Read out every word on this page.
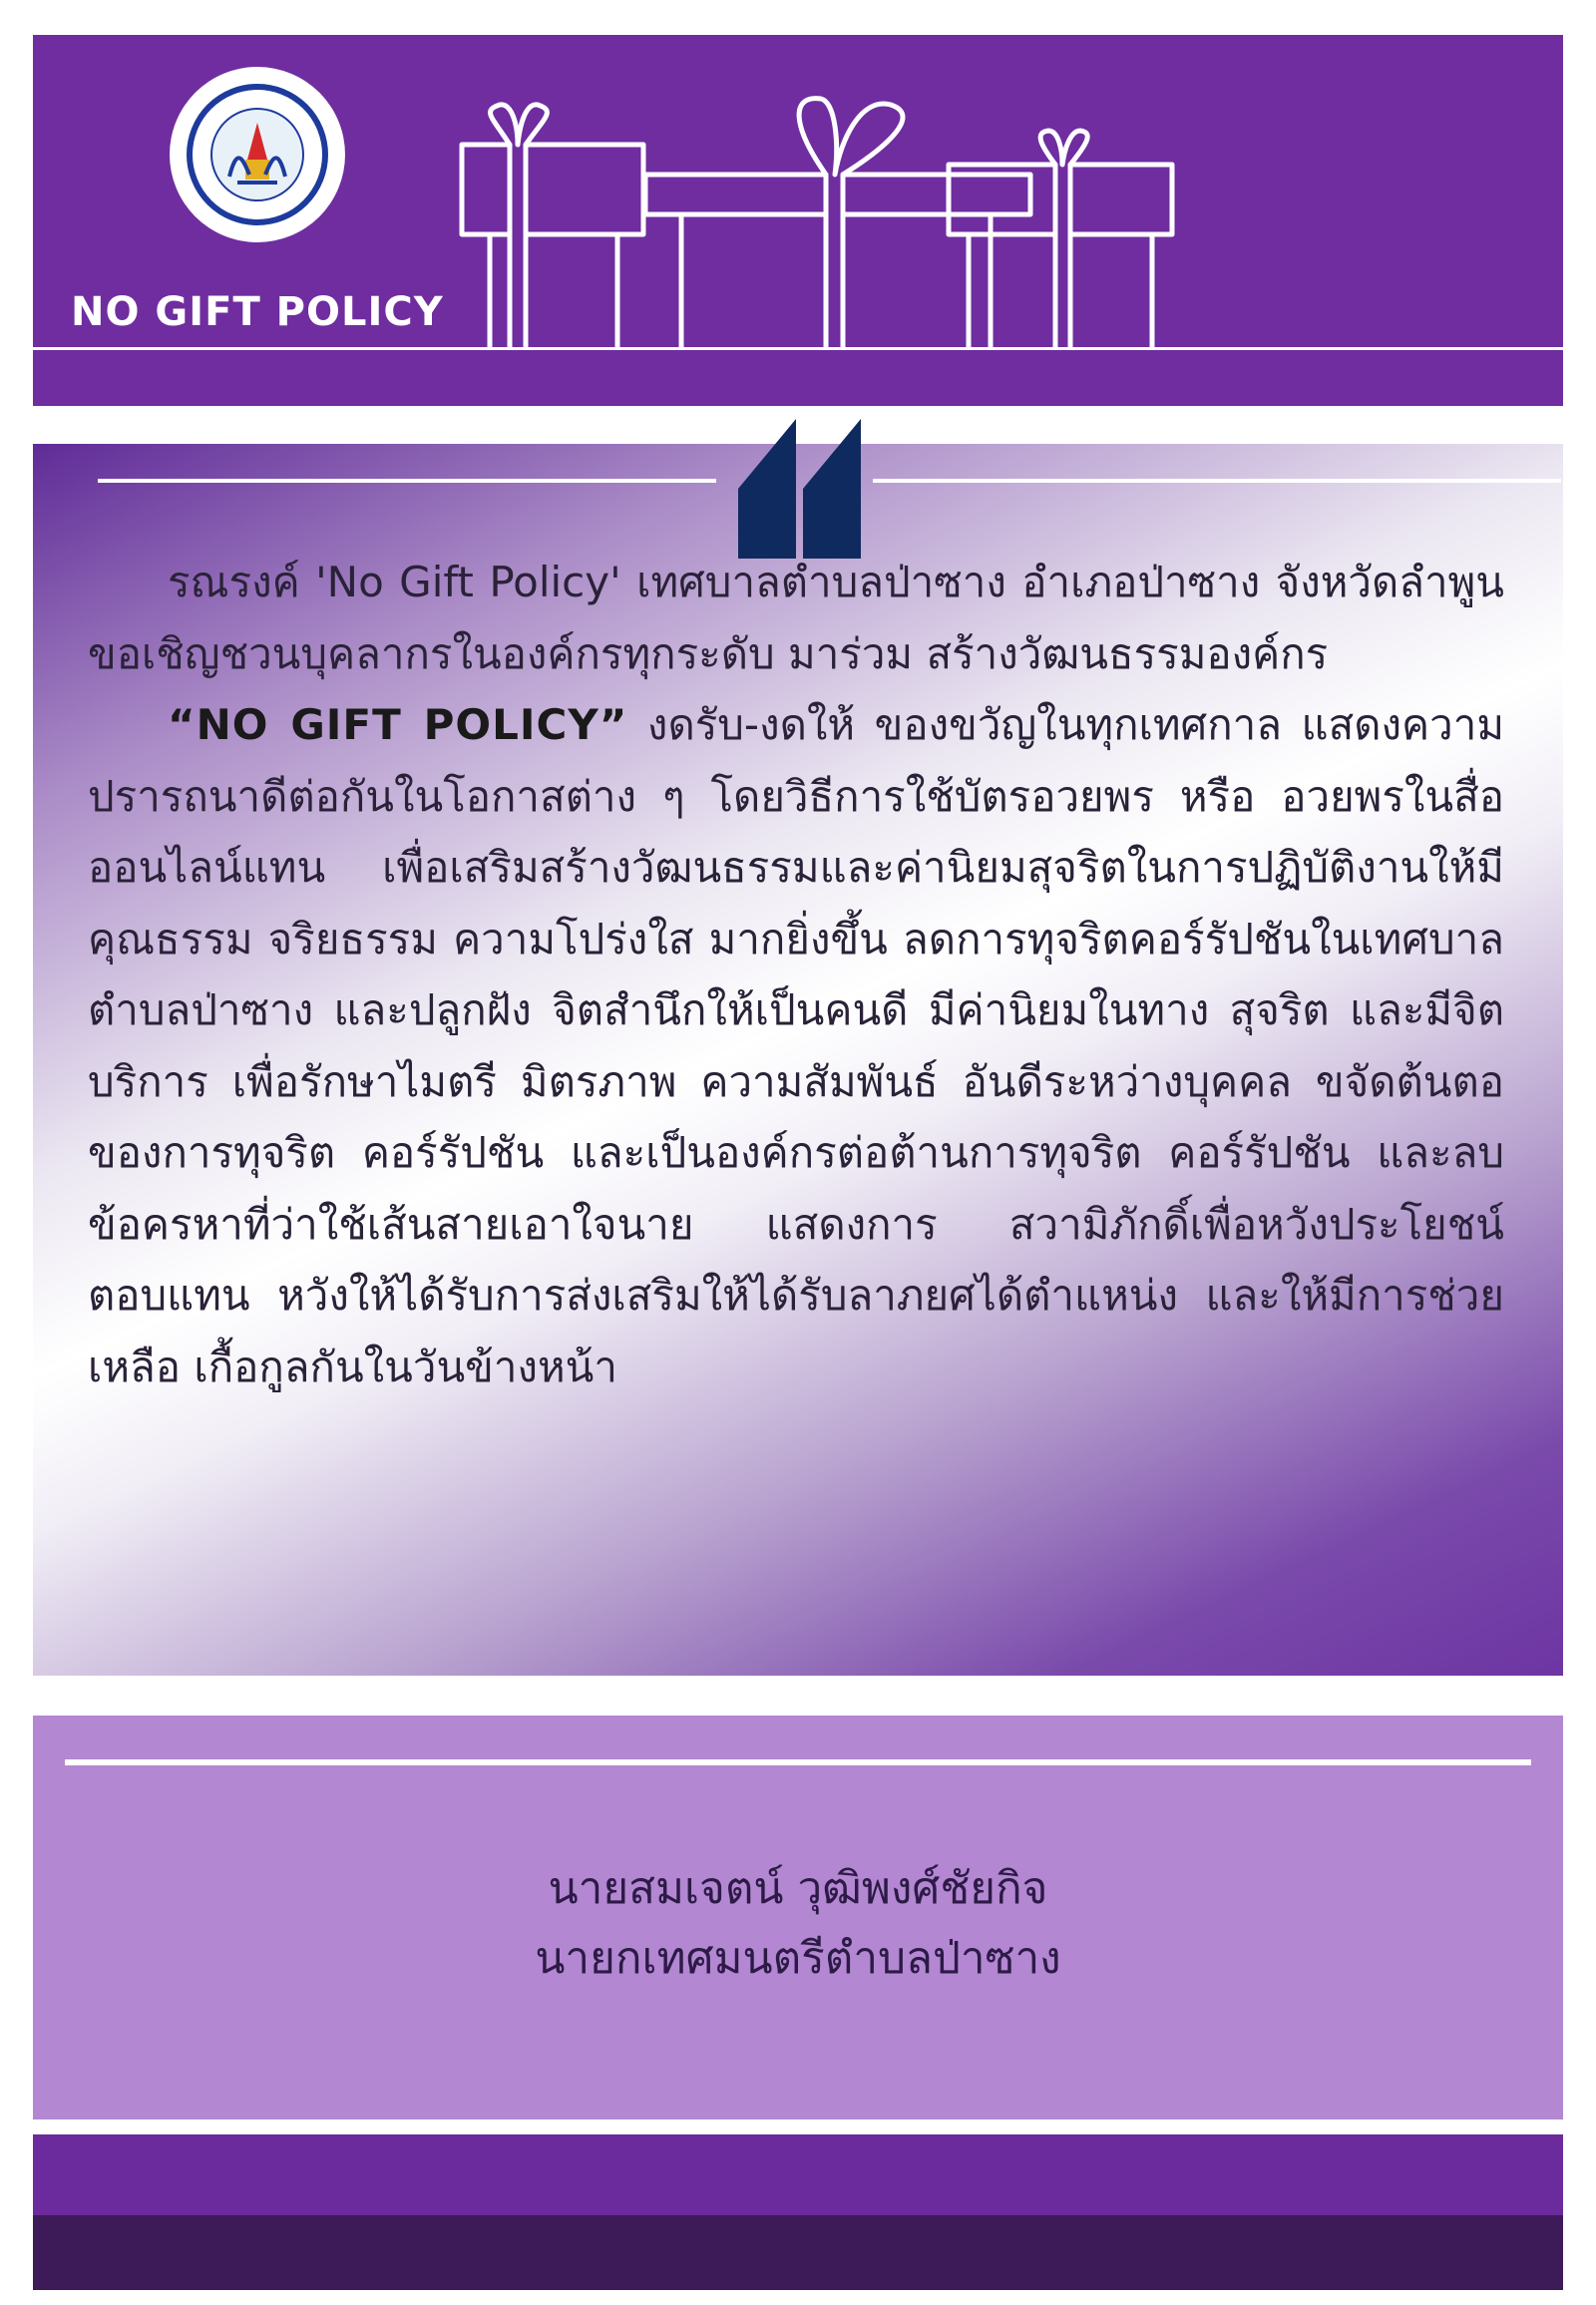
NO GIFT POLICY

รณรงค์ 'No Gift Policy' เทศบาลตำบลป่าซาง อำเภอป่าซาง จังหวัดลำพูน ขอเชิญชวนบุคลากรในองค์กรทุกระดับ มาร่วม สร้างวัฒนธรรมองค์กร

“NO GIFT POLICY” งดรับ-งดให้ ของขวัญในทุกเทศกาล แสดงความปรารถนาดีต่อกันในโอกาสต่าง ๆ โดยวิธีการใช้บัตรอวยพร หรือ อวยพรในสื่อ ออนไลน์แทน เพื่อเสริมสร้างวัฒนธรรมและค่านิยมสุจริตในการปฏิบัติงานให้มีคุณธรรม จริยธรรม ความโปร่งใส มากยิ่งขึ้น ลดการทุจริตคอร์รัปชันในเทศบาลตำบลป่าซาง และปลูกฝัง จิตสำนึกให้เป็นคนดี มีค่านิยมในทาง สุจริต และมีจิตบริการ เพื่อรักษาไมตรี มิตรภาพ ความสัมพันธ์ อันดีระหว่างบุคคล ขจัดต้นตอของการทุจริต คอร์รัปชัน และเป็นองค์กรต่อต้านการทุจริต คอร์รัปชัน และลบข้อครหาที่ว่าใช้เส้นสายเอาใจนาย แสดงการ สวามิภักดิ์เพื่อหวังประโยชน์ตอบแทน หวังให้ได้รับการส่งเสริมให้ได้รับลาภยศได้ตำแหน่ง และให้มีการช่วยเหลือ เกื้อกูลกันในวันข้างหน้า

นายสมเจตน์ วุฒิพงศ์ชัยกิจ
นายกเทศมนตรีตำบลป่าซาง
